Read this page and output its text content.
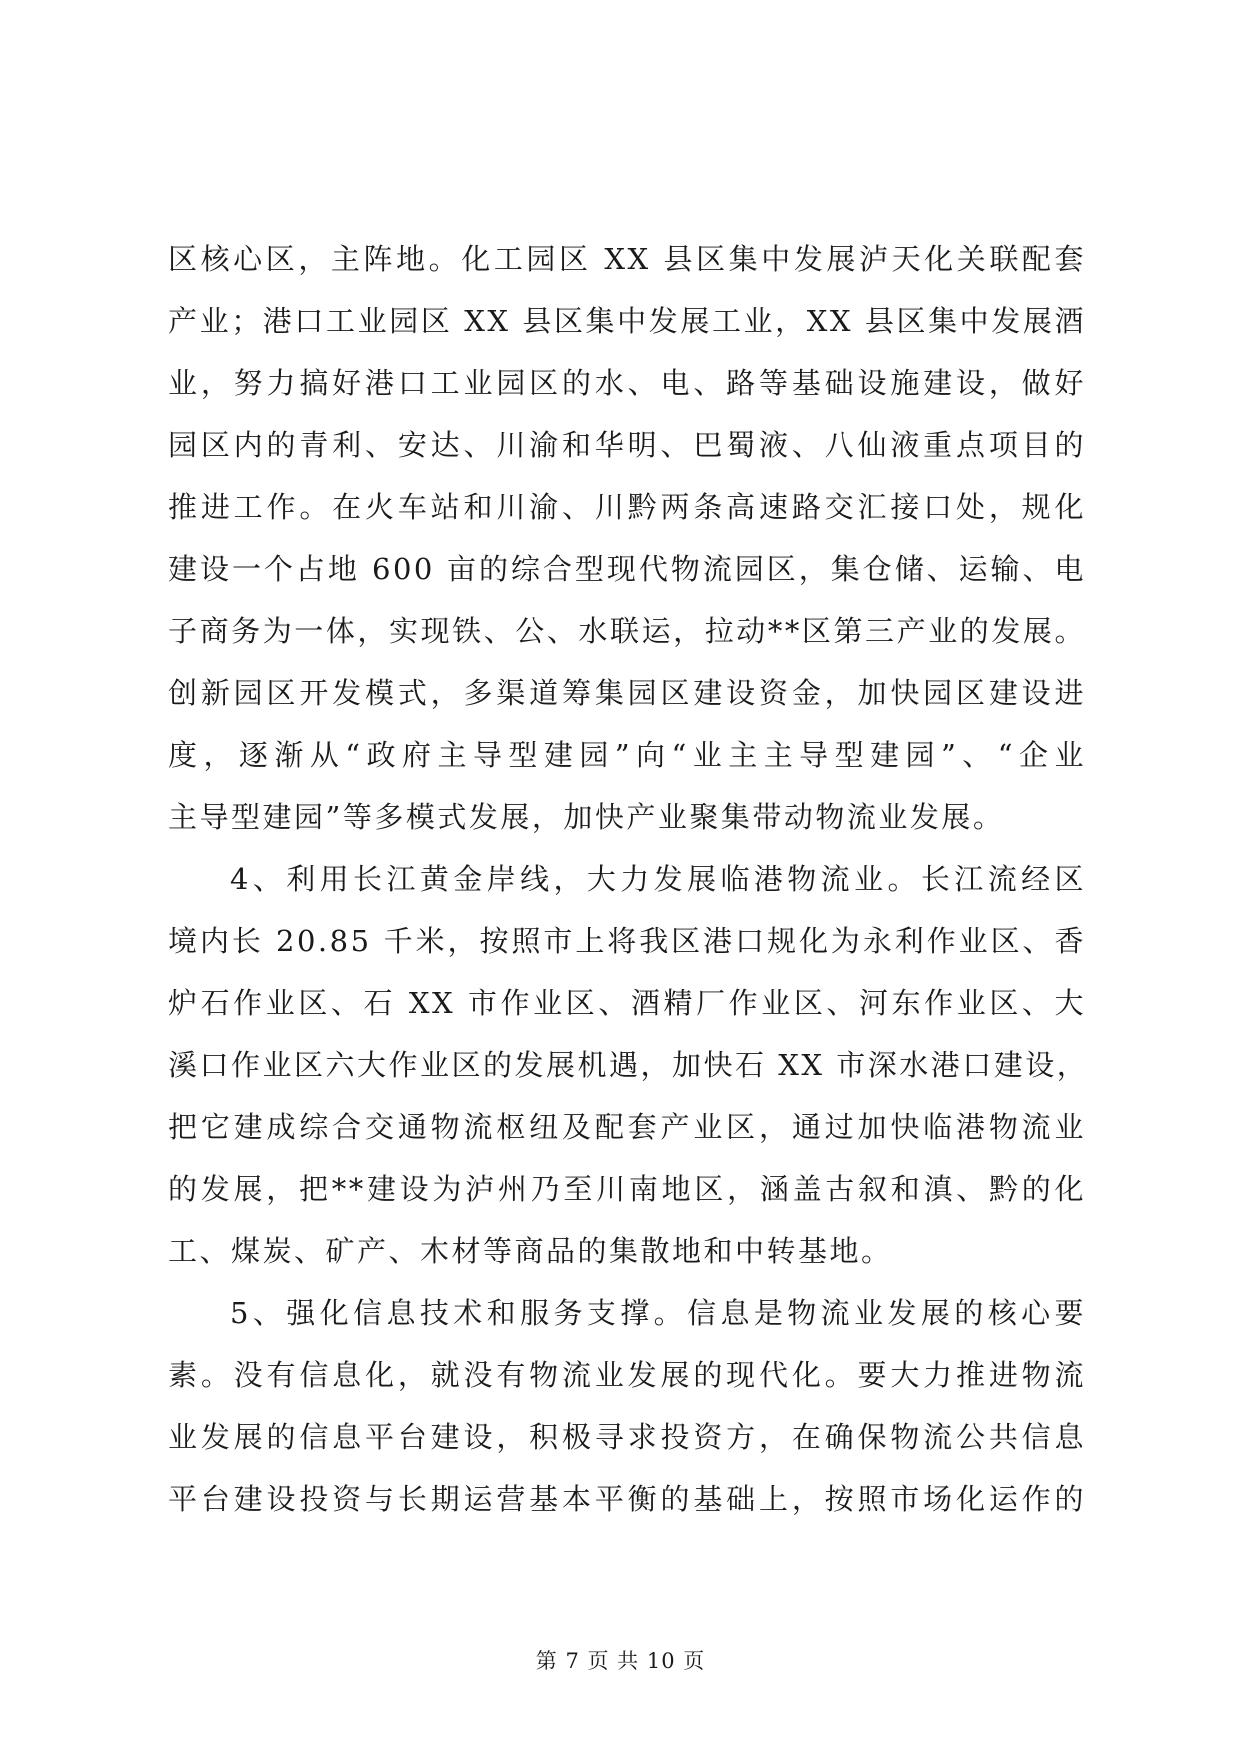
区核心区，主阵地。化工园区 XX 县区集中发展泸天化关联配套
产业；港口工业园区 XX 县区集中发展工业，XX 县区集中发展酒
业，努力搞好港口工业园区的水、电、路等基础设施建设，做好
园区内的青利、安达、川渝和华明、巴蜀液、八仙液重点项目的
推进工作。在火车站和川渝、川黔两条高速路交汇接口处，规化
建设一个占地 600 亩的综合型现代物流园区，集仓储、运输、电
子商务为一体，实现铁、公、水联运，拉动**区第三产业的发展。
创新园区开发模式，多渠道筹集园区建设资金，加快园区建设进
度，逐渐从“政府主导型建园”向“业主主导型建园”、“企业
主导型建园”等多模式发展，加快产业聚集带动物流业发展。
4、利用长江黄金岸线，大力发展临港物流业。长江流经区
境内长 20.85 千米，按照市上将我区港口规化为永利作业区、香
炉石作业区、石 XX 市作业区、酒精厂作业区、河东作业区、大
溪口作业区六大作业区的发展机遇，加快石 XX 市深水港口建设，
把它建成综合交通物流枢纽及配套产业区，通过加快临港物流业
的发展，把**建设为泸州乃至川南地区，涵盖古叙和滇、黔的化
工、煤炭、矿产、木材等商品的集散地和中转基地。
5、强化信息技术和服务支撑。信息是物流业发展的核心要
素。没有信息化，就没有物流业发展的现代化。要大力推进物流
业发展的信息平台建设，积极寻求投资方，在确保物流公共信息
平台建设投资与长期运营基本平衡的基础上，按照市场化运作的
第 7 页 共 10 页
